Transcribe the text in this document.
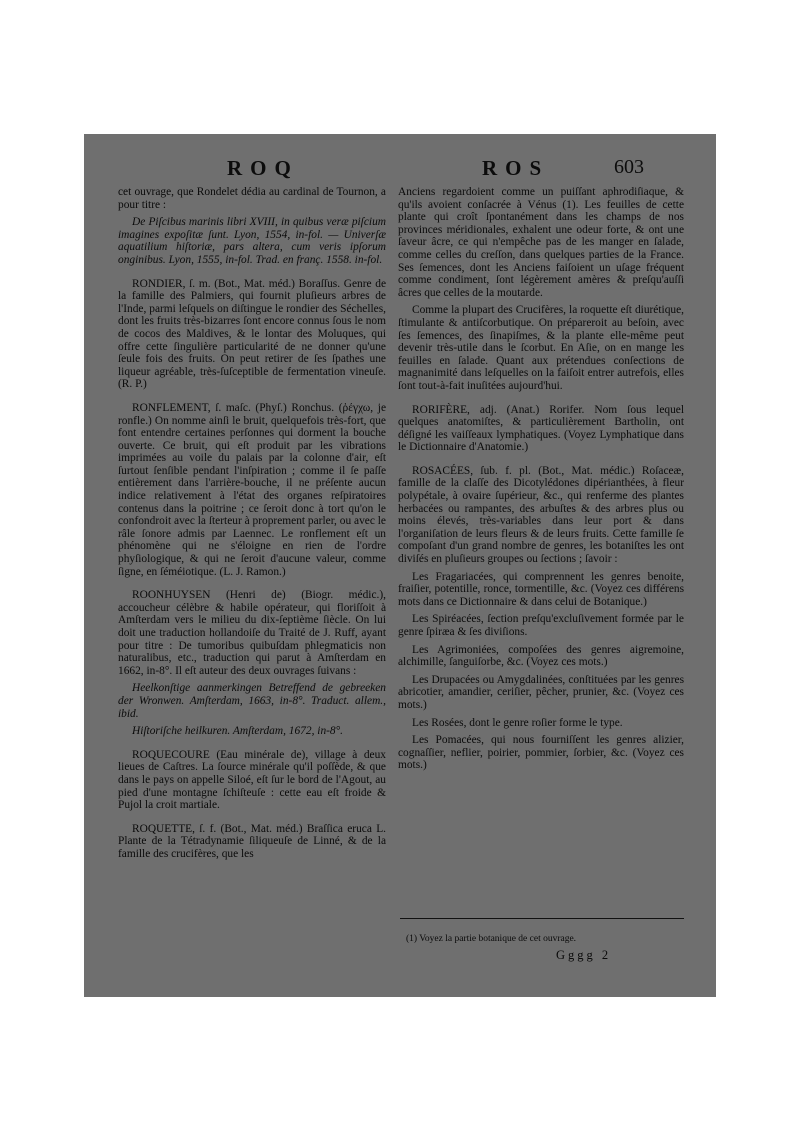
ROQ	ROS	603

cet ouvrage, que Rondelet dédia au cardinal de Tournon, a pour titre :

De Piſcibus marinis libri XVIII, in quibus veræ piſcium imagines expoſitæ ſunt. Lyon, 1554, in-fol. — Univerſæ aquatilium hiſtoriæ, pars altera, cum veris ipſorum onginibus. Lyon, 1555, in-fol. Trad. en franç. 1558. in-fol.

RONDIER, ſ. m. (Bot., Mat. méd.) Boraſſus. Genre de la famille des Palmiers, qui fournit pluſieurs arbres de l'Inde, parmi leſquels on diſtingue le rondier des Séchelles, dont les fruits très-bizarres ſont encore connus ſous le nom de cocos des Maldives, & le lontar des Moluques, qui offre cette ſingulière particularité de ne donner qu'une ſeule fois des fruits. On peut retirer de ſes ſpathes une liqueur agréable, très-ſuſceptible de fermentation vineuſe. (R. P.)

RONFLEMENT, ſ. maſc. (Phyſ.) Ronchus. (ῥέγχω, je ronfle.) On nomme ainſi le bruit, quelquefois très-fort, que font entendre certaines perſonnes qui dorment la bouche ouverte. Ce bruit, qui eſt produit par les vibrations imprimées au voile du palais par la colonne d'air, eſt ſurtout ſenſible pendant l'inſpiration ; comme il ſe paſſe entièrement dans l'arrière-bouche, il ne préſente aucun indice relativement à l'état des organes reſpiratoires contenus dans la poitrine ; ce ſeroit donc à tort qu'on le confondroit avec la ſterteur à proprement parler, ou avec le râle ſonore admis par Laennec. Le ronflement eſt un phénomène qui ne s'éloigne en rien de l'ordre phyſiologique, & qui ne ſeroit d'aucune valeur, comme ſigne, en ſéméiotique. (L. J. Ramon.)

ROONHUYSEN (Henri de) (Biogr. médic.), accoucheur célèbre & habile opérateur, qui floriſſoit à Amſterdam vers le milieu du dix-ſeptième ſiècle. On lui doit une traduction hollandoiſe du Traité de J. Ruff, ayant pour titre : De tumoribus quibuſdam phlegmaticis non naturalibus, etc., traduction qui parut à Amſterdam en 1662, in-8°. Il eſt auteur des deux ouvrages ſuivans :

Heelkonſtige aanmerkingen Betreffend de gebreeken der Wronwen. Amſterdam, 1663, in-8°. Traduct. allem., ibid.

Hiſtoriſche heilkuren. Amſterdam, 1672, in-8°.

ROQUECOURE (Eau minérale de), village à deux lieues de Caſtres. La ſource minérale qu'il poſſède, & que dans le pays on appelle Siloé, eſt ſur le bord de l'Agout, au pied d'une montagne ſchiſteuſe : cette eau eſt froide & Pujol la croit martiale.

ROQUETTE, ſ. f. (Bot., Mat. méd.) Braſſica eruca L. Plante de la Tétradynamie ſiliqueuſe de Linné, & de la famille des crucifères, que les

Anciens regardoient comme un puiſſant aphrodiſiaque, & qu'ils avoient conſacrée à Vénus (1). Les feuilles de cette plante qui croît ſpontanément dans les champs de nos provinces méridionales, exhalent une odeur forte, & ont une ſaveur âcre, ce qui n'empêche pas de les manger en ſalade, comme celles du creſſon, dans quelques parties de la France. Ses ſemences, dont les Anciens faiſoient un uſage fréquent comme condiment, ſont légèrement amères & preſqu'auſſi âcres que celles de la moutarde.

Comme la plupart des Crucifères, la roquette eſt diurétique, ſtimulante & antiſcorbutique. On prépareroit au beſoin, avec ſes ſemences, des ſinapiſmes, & la plante elle-même peut devenir très-utile dans le ſcorbut. En Aſie, on en mange les feuilles en ſalade. Quant aux prétendues conſections de magnanimité dans leſquelles on la faiſoit entrer autrefois, elles ſont tout-à-fait inuſitées aujourd'hui.

RORIFÈRE, adj. (Anat.) Rorifer. Nom ſous lequel quelques anatomiſtes, & particulièrement Bartholin, ont déſigné les vaiſſeaux lymphatiques. (Voyez Lymphatique dans le Dictionnaire d'Anatomie.)

ROSACÉES, ſub. f. pl. (Bot., Mat. médic.) Roſaceæ, famille de la claſſe des Dicotylédones dipérianthées, à fleur polypétale, à ovaire ſupérieur, &c., qui renferme des plantes herbacées ou rampantes, des arbuſtes & des arbres plus ou moins élevés, très-variables dans leur port & dans l'organiſation de leurs fleurs & de leurs fruits. Cette famille ſe compoſant d'un grand nombre de genres, les botaniſtes les ont diviſés en pluſieurs groupes ou ſections ; ſavoir :

Les Fragariacées, qui comprennent les genres benoite, fraiſier, potentille, ronce, tormentille, &c. (Voyez ces différens mots dans ce Dictionnaire & dans celui de Botanique.)

Les Spiréacées, ſection preſqu'excluſivement formée par le genre ſpiræa & ſes diviſions.

Les Agrimoniées, compoſées des genres aigremoine, alchimille, ſanguiſorbe, &c. (Voyez ces mots.)

Les Drupacées ou Amygdalinées, conſtituées par les genres abricotier, amandier, ceriſier, pêcher, prunier, &c. (Voyez ces mots.)

Les Rosées, dont le genre roſier forme le type.

Les Pomacées, qui nous fourniſſent les genres alizier, cognaſſier, neflier, poirier, pommier, ſorbier, &c. (Voyez ces mots.)

(1) Voyez la partie botanique de cet ouvrage.
Gggg 2
